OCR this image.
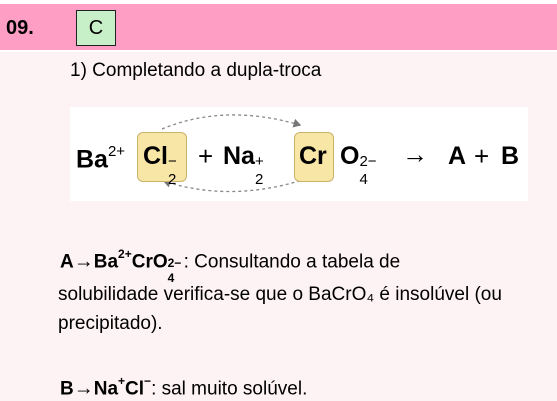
09.	C
1) Completando a dupla-troca
$Ba^{2+}$ Cl −
2
+ Na +
2
Cr O 2−
4
→ A + B
$A\to Ba^{2+}CrO$ 2−
4
: Consultando a tabela de
solubilidade verifica-se que o BaCrO₄ é insolúvel (ou
precipitado).
B→Na+Cl−: sal muito solúvel.
